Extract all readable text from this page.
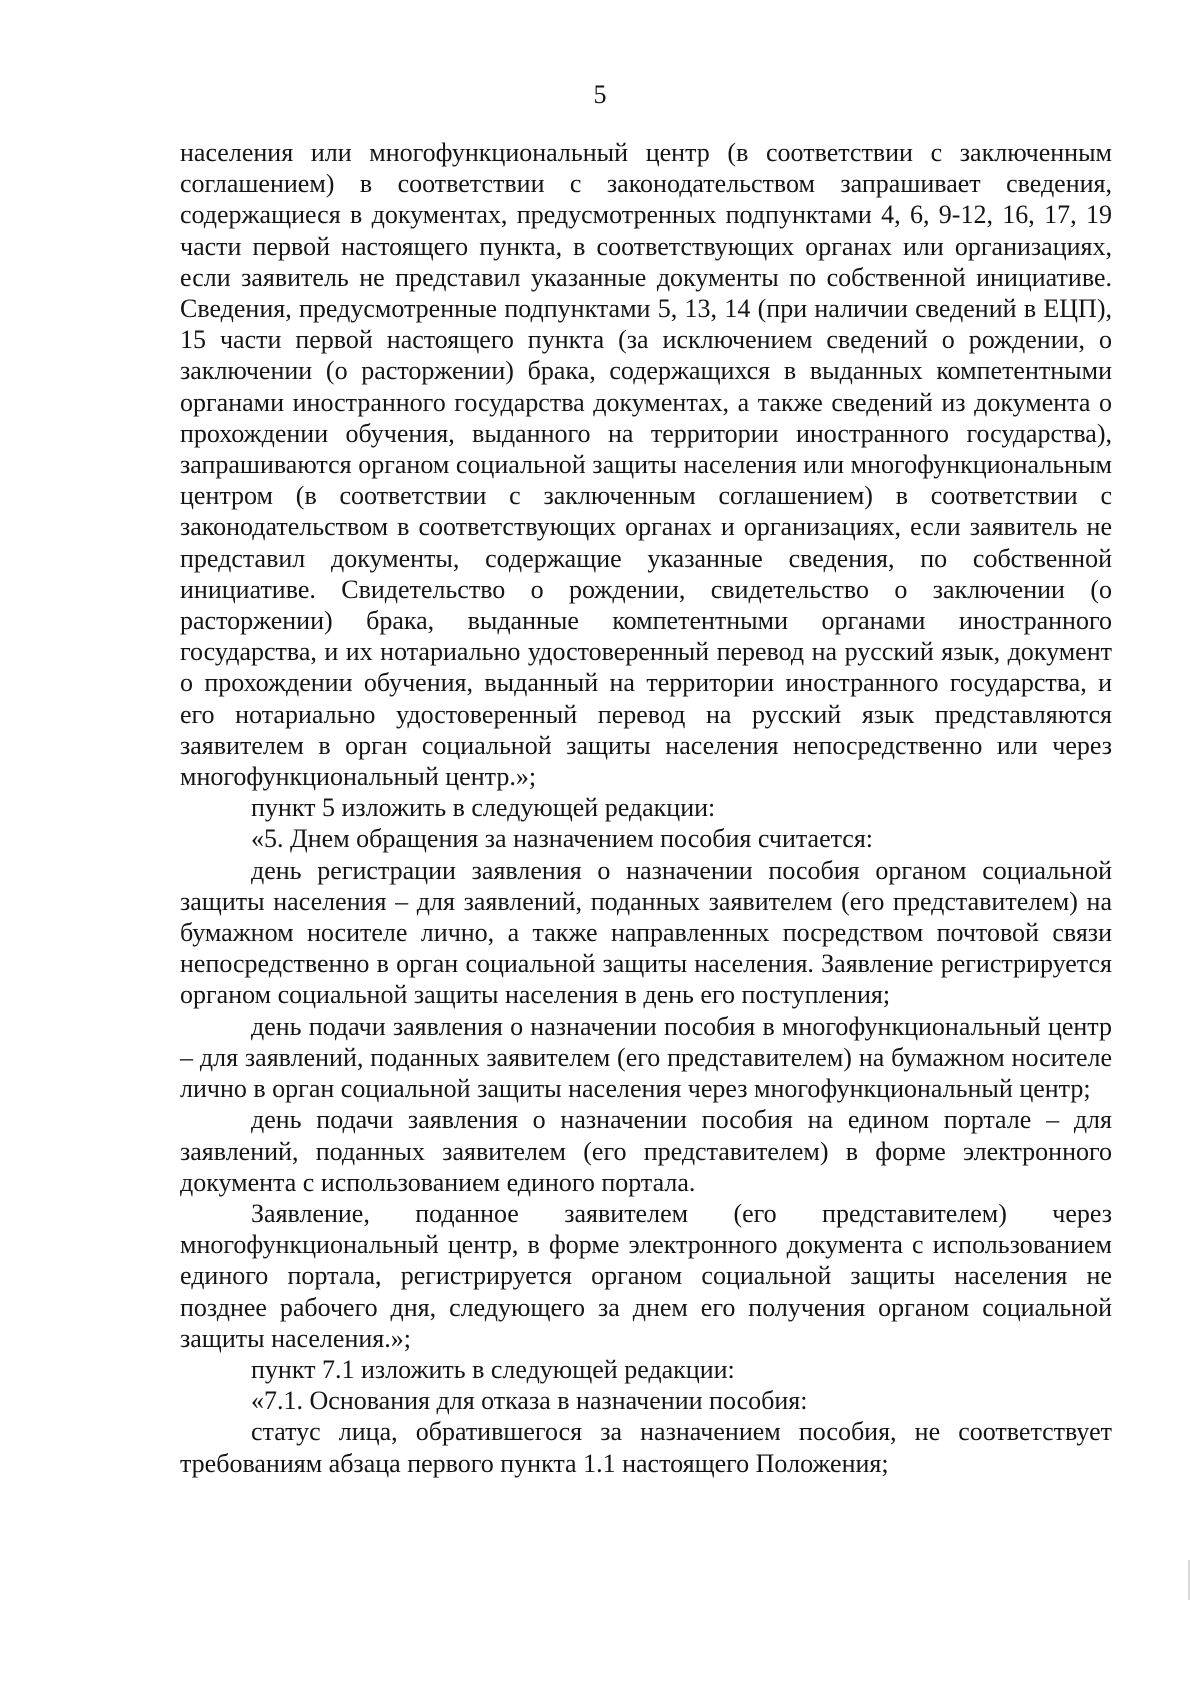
5

населения или многофункциональный центр (в соответствии с заключенным соглашением) в соответствии с законодательством запрашивает сведения, содержащиеся в документах, предусмотренных подпунктами 4, 6, 9-12, 16, 17, 19 части первой настоящего пункта, в соответствующих органах или организациях, если заявитель не представил указанные документы по собственной инициативе. Сведения, предусмотренные подпунктами 5, 13, 14 (при наличии сведений в ЕЦП), 15 части первой настоящего пункта (за исключением сведений о рождении, о заключении (о расторжении) брака, содержащихся в выданных компетентными органами иностранного государства документах, а также сведений из документа о прохождении обучения, выданного на территории иностранного государства), запрашиваются органом социальной защиты населения или многофункциональным центром (в соответствии с заключенным соглашением) в соответствии с законодательством в соответствующих органах и организациях, если заявитель не представил документы, содержащие указанные сведения, по собственной инициативе. Свидетельство о рождении, свидетельство о заключении (о расторжении) брака, выданные компетентными органами иностранного государства, и их нотариально удостоверенный перевод на русский язык, документ о прохождении обучения, выданный на территории иностранного государства, и его нотариально удостоверенный перевод на русский язык представляются заявителем в орган социальной защиты населения непосредственно или через многофункциональный центр.»;

пункт 5 изложить в следующей редакции:

«5. Днем обращения за назначением пособия считается:

день регистрации заявления о назначении пособия органом социальной защиты населения – для заявлений, поданных заявителем (его представителем) на бумажном носителе лично, а также направленных посредством почтовой связи непосредственно в орган социальной защиты населения. Заявление регистрируется органом социальной защиты населения в день его поступления;

день подачи заявления о назначении пособия в многофункциональный центр – для заявлений, поданных заявителем (его представителем) на бумажном носителе лично в орган социальной защиты населения через многофункциональный центр;

день подачи заявления о назначении пособия на едином портале – для заявлений, поданных заявителем (его представителем) в форме электронного документа с использованием единого портала.

Заявление, поданное заявителем (его представителем) через многофункциональный центр, в форме электронного документа с использованием единого портала, регистрируется органом социальной защиты населения не позднее рабочего дня, следующего за днем его получения органом социальной защиты населения.»;

пункт 7.1 изложить в следующей редакции:

«7.1. Основания для отказа в назначении пособия:

статус лица, обратившегося за назначением пособия, не соответствует требованиям абзаца первого пункта 1.1 настоящего Положения;
